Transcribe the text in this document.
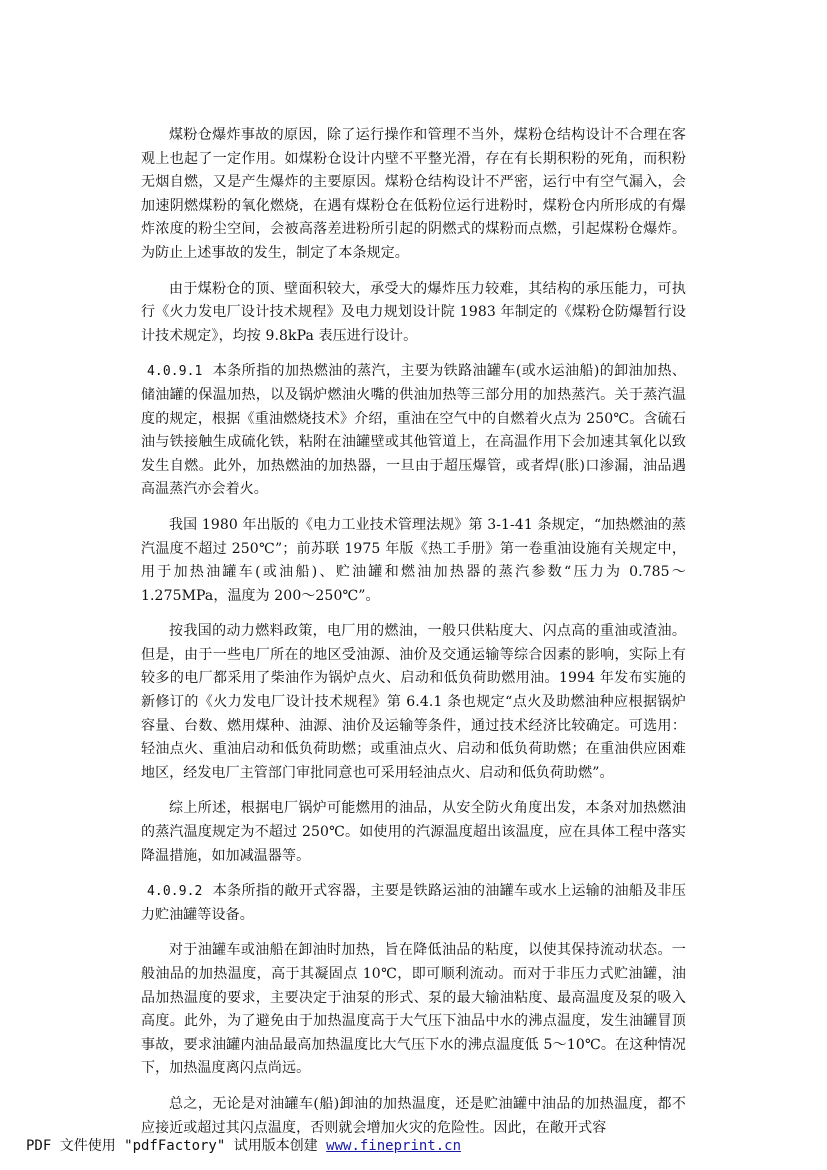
煤粉仓爆炸事故的原因，除了运行操作和管理不当外，煤粉仓结构设计不合理在客观上也起了一定作用。如煤粉仓设计内壁不平整光滑，存在有长期积粉的死角，而积粉无烟自燃，又是产生爆炸的主要原因。煤粉仓结构设计不严密，运行中有空气漏入，会加速阴燃煤粉的氧化燃烧，在遇有煤粉仓在低粉位运行进粉时，煤粉仓内所形成的有爆炸浓度的粉尘空间，会被高落差进粉所引起的阴燃式的煤粉而点燃，引起煤粉仓爆炸。为防止上述事故的发生，制定了本条规定。

由于煤粉仓的顶、壁面积较大，承受大的爆炸压力较难，其结构的承压能力，可执行《火力发电厂设计技术规程》及电力规划设计院 1983 年制定的《煤粉仓防爆暂行设计技术规定》，均按 9.8kPa 表压进行设计。

4.0.9.1 本条所指的加热燃油的蒸汽，主要为铁路油罐车(或水运油船)的卸油加热、储油罐的保温加热，以及锅炉燃油火嘴的供油加热等三部分用的加热蒸汽。关于蒸汽温度的规定，根据《重油燃烧技术》介绍，重油在空气中的自燃着火点为 250℃。含硫石油与铁接触生成硫化铁，粘附在油罐壁或其他管道上，在高温作用下会加速其氧化以致发生自燃。此外，加热燃油的加热器，一旦由于超压爆管，或者焊(胀)口渗漏，油品遇高温蒸汽亦会着火。

我国 1980 年出版的《电力工业技术管理法规》第 3-1-41 条规定，“加热燃油的蒸汽温度不超过 250℃”；前苏联 1975 年版《热工手册》第一卷重油设施有关规定中，用于加热油罐车(或油船)、贮油罐和燃油加热器的蒸汽参数“压力为 0.785～1.275MPa，温度为 200～250℃”。

按我国的动力燃料政策，电厂用的燃油，一般只供粘度大、闪点高的重油或渣油。但是，由于一些电厂所在的地区受油源、油价及交通运输等综合因素的影响，实际上有较多的电厂都采用了柴油作为锅炉点火、启动和低负荷助燃用油。1994 年发布实施的新修订的《火力发电厂设计技术规程》第 6.4.1 条也规定“点火及助燃油种应根据锅炉容量、台数、燃用煤种、油源、油价及运输等条件，通过技术经济比较确定。可选用：轻油点火、重油启动和低负荷助燃；或重油点火、启动和低负荷助燃；在重油供应困难地区，经发电厂主管部门审批同意也可采用轻油点火、启动和低负荷助燃”。

综上所述，根据电厂锅炉可能燃用的油品，从安全防火角度出发，本条对加热燃油的蒸汽温度规定为不超过 250℃。如使用的汽源温度超出该温度，应在具体工程中落实降温措施，如加减温器等。

4.0.9.2 本条所指的敞开式容器，主要是铁路运油的油罐车或水上运输的油船及非压力贮油罐等设备。

对于油罐车或油船在卸油时加热，旨在降低油品的粘度，以使其保持流动状态。一般油品的加热温度，高于其凝固点 10℃，即可顺利流动。而对于非压力式贮油罐，油品加热温度的要求，主要决定于油泵的形式、泵的最大输油粘度、最高温度及泵的吸入高度。此外，为了避免由于加热温度高于大气压下油品中水的沸点温度，发生油罐冒顶事故，要求油罐内油品最高加热温度比大气压下水的沸点温度低 5～10℃。在这种情况下，加热温度离闪点尚远。

总之，无论是对油罐车(船)卸油的加热温度，还是贮油罐中油品的加热温度，都不应接近或超过其闪点温度，否则就会增加火灾的危险性。因此，在敞开式容

PDF 文件使用 "pdfFactory" 试用版本创建 www.fineprint.cn
